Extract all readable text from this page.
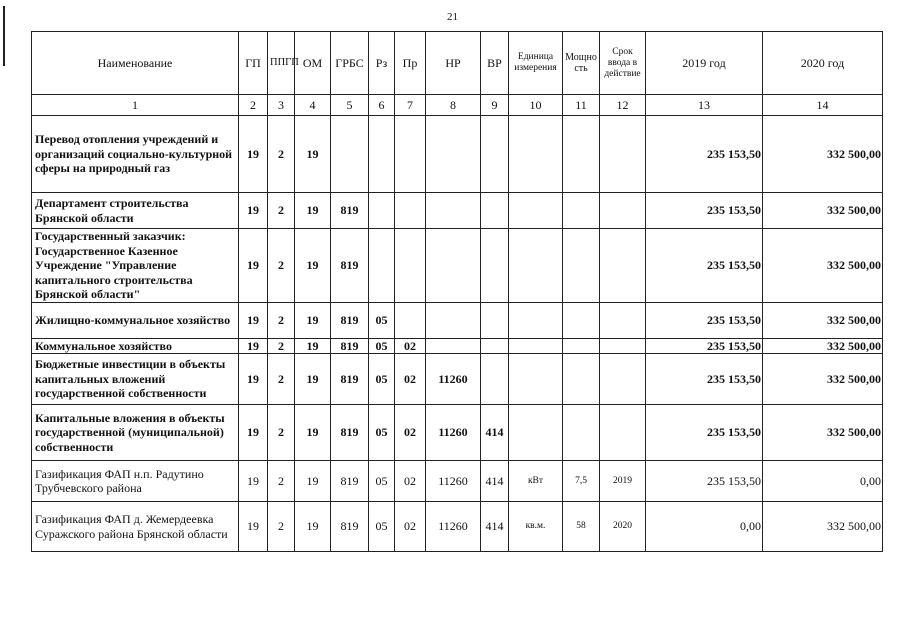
21
Наименование	ГП	ППГП	ОМ	ГРБС	Рз	Пр	НР	ВР	Единица измерения	Мощность	Срок ввода в действие	2019 год	2020 год
1	2	3	4	5	6	7	8	9	10	11	12	13	14
Перевод отопления учреждений и организаций социально-культурной сферы на природный газ	19	2	19									235 153,50	332 500,00
Департамент строительства Брянской области	19	2	19	819								235 153,50	332 500,00
Государственный заказчик: Государственное Казенное Учреждение "Управление капитального строительства Брянской области"	19	2	19	819								235 153,50	332 500,00
Жилищно-коммунальное хозяйство	19	2	19	819	05							235 153,50	332 500,00
Коммунальное хозяйство	19	2	19	819	05	02						235 153,50	332 500,00
Бюджетные инвестиции в объекты капитальных вложений государственной собственности	19	2	19	819	05	02	11260					235 153,50	332 500,00
Капитальные вложения в объекты государственной (муниципальной) собственности	19	2	19	819	05	02	11260	414				235 153,50	332 500,00
Газификация ФАП н.п. Радутино Трубчевского района	19	2	19	819	05	02	11260	414	кВт	7,5	2019	235 153,50	0,00
Газификация ФАП д. Жемердеевка Суражского района Брянской области	19	2	19	819	05	02	11260	414	кв.м.	58	2020	0,00	332 500,00
